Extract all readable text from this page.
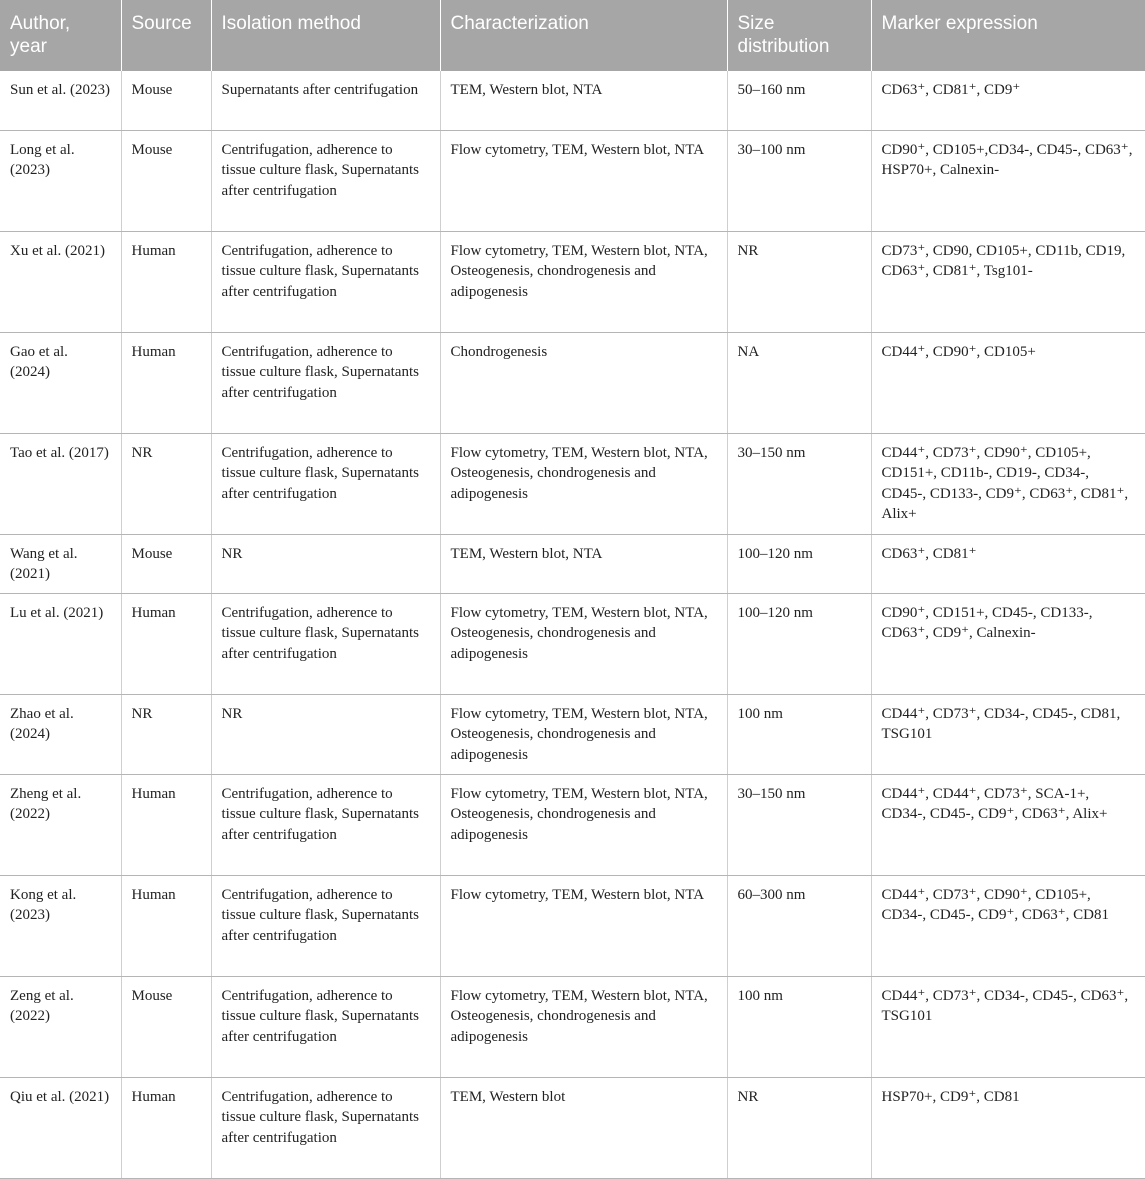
Author, year	Source	Isolation method	Characterization	Size distribution	Marker expression
Sun et al. (2023)	Mouse	Supernatants after centrifugation	TEM, Western blot, NTA	50–160 nm	CD63⁺, CD81⁺, CD9⁺
Long et al. (2023)	Mouse	Centrifugation, adherence to tissue culture flask, Supernatants after centrifugation	Flow cytometry, TEM, Western blot, NTA	30–100 nm	CD90⁺, CD105+,CD34-, CD45-, CD63⁺, HSP70+, Calnexin-
Xu et al. (2021)	Human	Centrifugation, adherence to tissue culture flask, Supernatants after centrifugation	Flow cytometry, TEM, Western blot, NTA, Osteogenesis, chondrogenesis and adipogenesis	NR	CD73⁺, CD90, CD105+, CD11b, CD19, CD63⁺, CD81⁺, Tsg101-
Gao et al. (2024)	Human	Centrifugation, adherence to tissue culture flask, Supernatants after centrifugation	Chondrogenesis	NA	CD44⁺, CD90⁺, CD105+
Tao et al. (2017)	NR	Centrifugation, adherence to tissue culture flask, Supernatants after centrifugation	Flow cytometry, TEM, Western blot, NTA, Osteogenesis, chondrogenesis and adipogenesis	30–150 nm	CD44⁺, CD73⁺, CD90⁺, CD105+, CD151+, CD11b-, CD19-, CD34-, CD45-, CD133-, CD9⁺, CD63⁺, CD81⁺, Alix+
Wang et al. (2021)	Mouse	NR	TEM, Western blot, NTA	100–120 nm	CD63⁺, CD81⁺
Lu et al. (2021)	Human	Centrifugation, adherence to tissue culture flask, Supernatants after centrifugation	Flow cytometry, TEM, Western blot, NTA, Osteogenesis, chondrogenesis and adipogenesis	100–120 nm	CD90⁺, CD151+, CD45-, CD133-, CD63⁺, CD9⁺, Calnexin-
Zhao et al. (2024)	NR	NR	Flow cytometry, TEM, Western blot, NTA, Osteogenesis, chondrogenesis and adipogenesis	100 nm	CD44⁺, CD73⁺, CD34-, CD45-, CD81, TSG101
Zheng et al. (2022)	Human	Centrifugation, adherence to tissue culture flask, Supernatants after centrifugation	Flow cytometry, TEM, Western blot, NTA, Osteogenesis, chondrogenesis and adipogenesis	30–150 nm	CD44⁺, CD44⁺, CD73⁺, SCA-1+, CD34-, CD45-, CD9⁺, CD63⁺, Alix+
Kong et al. (2023)	Human	Centrifugation, adherence to tissue culture flask, Supernatants after centrifugation	Flow cytometry, TEM, Western blot, NTA	60–300 nm	CD44⁺, CD73⁺, CD90⁺, CD105+, CD34-, CD45-, CD9⁺, CD63⁺, CD81
Zeng et al. (2022)	Mouse	Centrifugation, adherence to tissue culture flask, Supernatants after centrifugation	Flow cytometry, TEM, Western blot, NTA, Osteogenesis, chondrogenesis and adipogenesis	100 nm	CD44⁺, CD73⁺, CD34-, CD45-, CD63⁺, TSG101
Qiu et al. (2021)	Human	Centrifugation, adherence to tissue culture flask, Supernatants after centrifugation	TEM, Western blot	NR	HSP70+, CD9⁺, CD81
